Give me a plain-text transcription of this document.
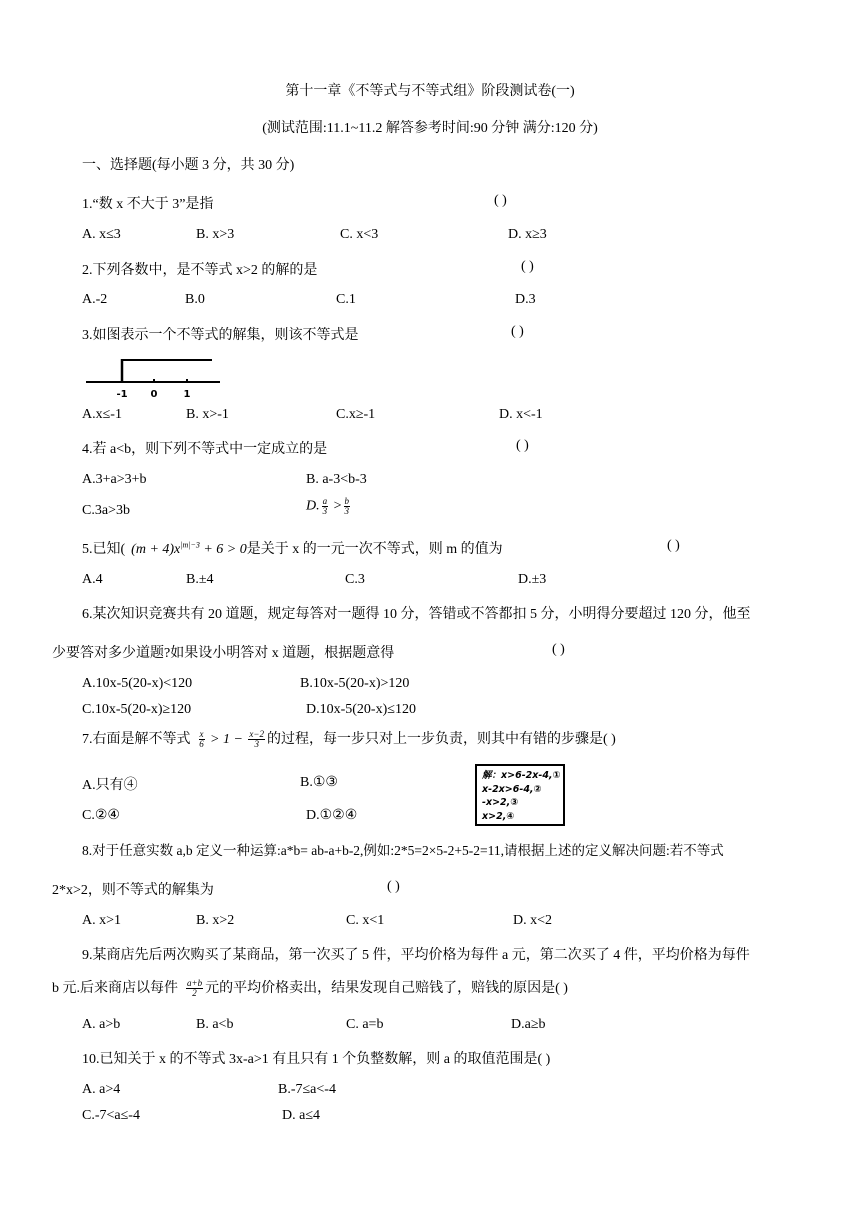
第十一章《不等式与不等式组》阶段测试卷(一)
(测试范围:11.1~11.2 解答参考时间:90 分钟 满分:120 分)
一、选择题(每小题 3 分，共 30 分)
1.“数 x 不大于 3”是指	( )
A. x≤3	B. x>3	C. x<3	D. x≥3
2.下列各数中，是不等式 x>2 的解的是	( )
A.-2	B.0	C.1	D.3
3.如图表示一个不等式的解集，则该不等式是	( )
-1 0	1
A.x≤-1	B. x>-1	C.x≥-1	D. x<-1
4.若 a<b，则下列不等式中一定成立的是	( )
A.3+a>3+b	B. a-3<b-3
C.3a>3b	D. $\frac{a}{3} > \frac{b}{3}$
5.已知( $(m + 4)x^{|m|-3} + 6 > 0$是关于 x 的一元一次不等式，则 m 的值为	( )
A.4	B.±4	C.3	D.±3
6.某次知识竞赛共有 20 道题，规定每答对一题得 10 分，答错或不答都扣 5 分，小明得分要超过 120 分，他至
少要答对多少道题?如果设小明答对 x 道题，根据题意得	( )
A.10x-5(20-x)<120	B.10x-5(20-x)>120
C.10x-5(20-x)≥120	D.10x-5(20-x)≤120
7.右面是解不等式 $\frac{x}{6} > 1 - \frac{x-2}{3}$ 的过程，每一步只对上一步负责，则其中有错的步骤是( )
A.只有④	B.①③
C.②④	D.①②④
解：x>6-2x-4,①
x-2x>6-4,②
-x>2,③
x>2,④
8.对于任意实数 a,b 定义一种运算:a*b= ab-a+b-2,例如:2*5=2×5-2+5-2=11,请根据上述的定义解决问题:若不等式
2*x>2，则不等式的解集为	( )
A. x>1	B. x>2	C. x<1	D. x<2
9.某商店先后两次购买了某商品，第一次买了 5 件，平均价格为每件 a 元，第二次买了 4 件，平均价格为每件
b 元.后来商店以每件 $\frac{a+b}{2}$ 元的平均价格卖出，结果发现自己赔钱了，赔钱的原因是( )
A. a>b	B. a<b	C. a=b	D.a≥b
10.已知关于 x 的不等式 3x-a>1 有且只有 1 个负整数解，则 a 的取值范围是( )
A. a>4	B.-7≤a<-4
C.-7<a≤-4	D. a≤4
